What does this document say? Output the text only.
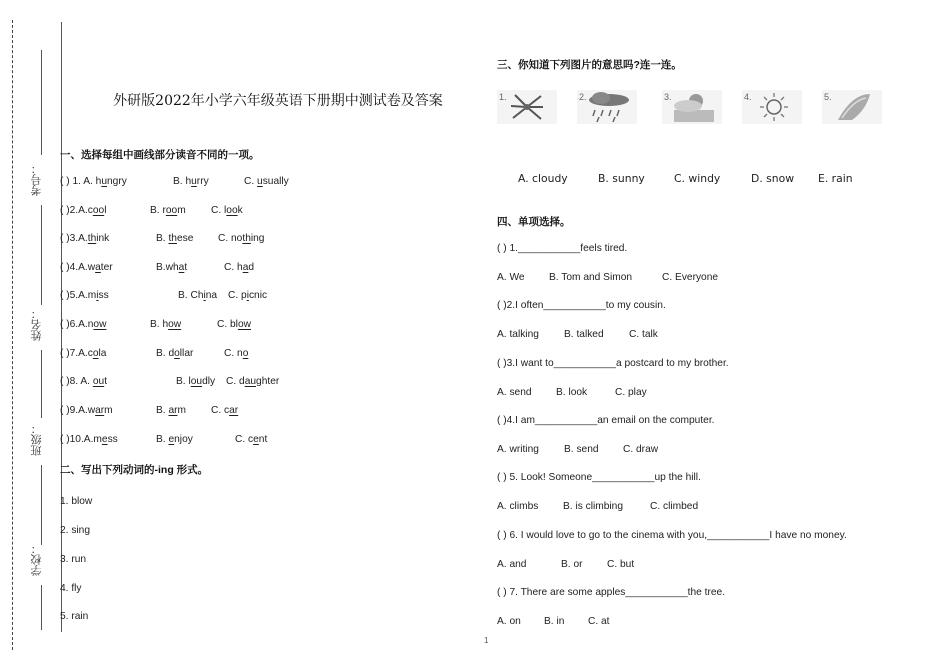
考号：
姓名：
班级：
学校：
外研版2022年小学六年级英语下册期中测试卷及答案
一、选择每组中画线部分读音不同的一项。
( ) 1. A. hungry	B. hurry	C. usually
( )2.A.cool	B. room C. look
( )3.A.think	B. these C. nothing
( )4.A.water	B.what	C. had
( )5.A.miss	B. China C. picnic
( )6.A.now	B. how	C. blow
( )7.A.cola	B. dollar	C. no
( )8. A. out	B. loudly C. daughter
( )9.A.warm	B. arm C. car
( )10.A.mess	B. enjoy	C. cent
二、写出下列动词的-ing 形式。
1. blow
2. sing
3. run
4. fly
5. rain
三、你知道下列图片的意思吗?连一连。
1.	2.	3.	4.	5.
A. cloudy	B. sunny	C. windy	D. snow E. rain
四、单项选择。
( ) 1.___________feels tired.
A. We B. Tom and Simon	C. Everyone
( )2.I often___________to my cousin.
A. talking B. talked C. talk
( )3.I want to___________a postcard to my brother.
A. send B. look	C. play
( )4.I am___________an email on the computer.
A. writing B. send C. draw
( ) 5. Look! Someone___________up the hill.
A. climbs B. is climbing	C. climbed
( ) 6. I would love to go to the cinema with you,___________I have no money.
A. and	B. or C. but
( ) 7. There are some apples___________the tree.
A. on B. in C. at
1
